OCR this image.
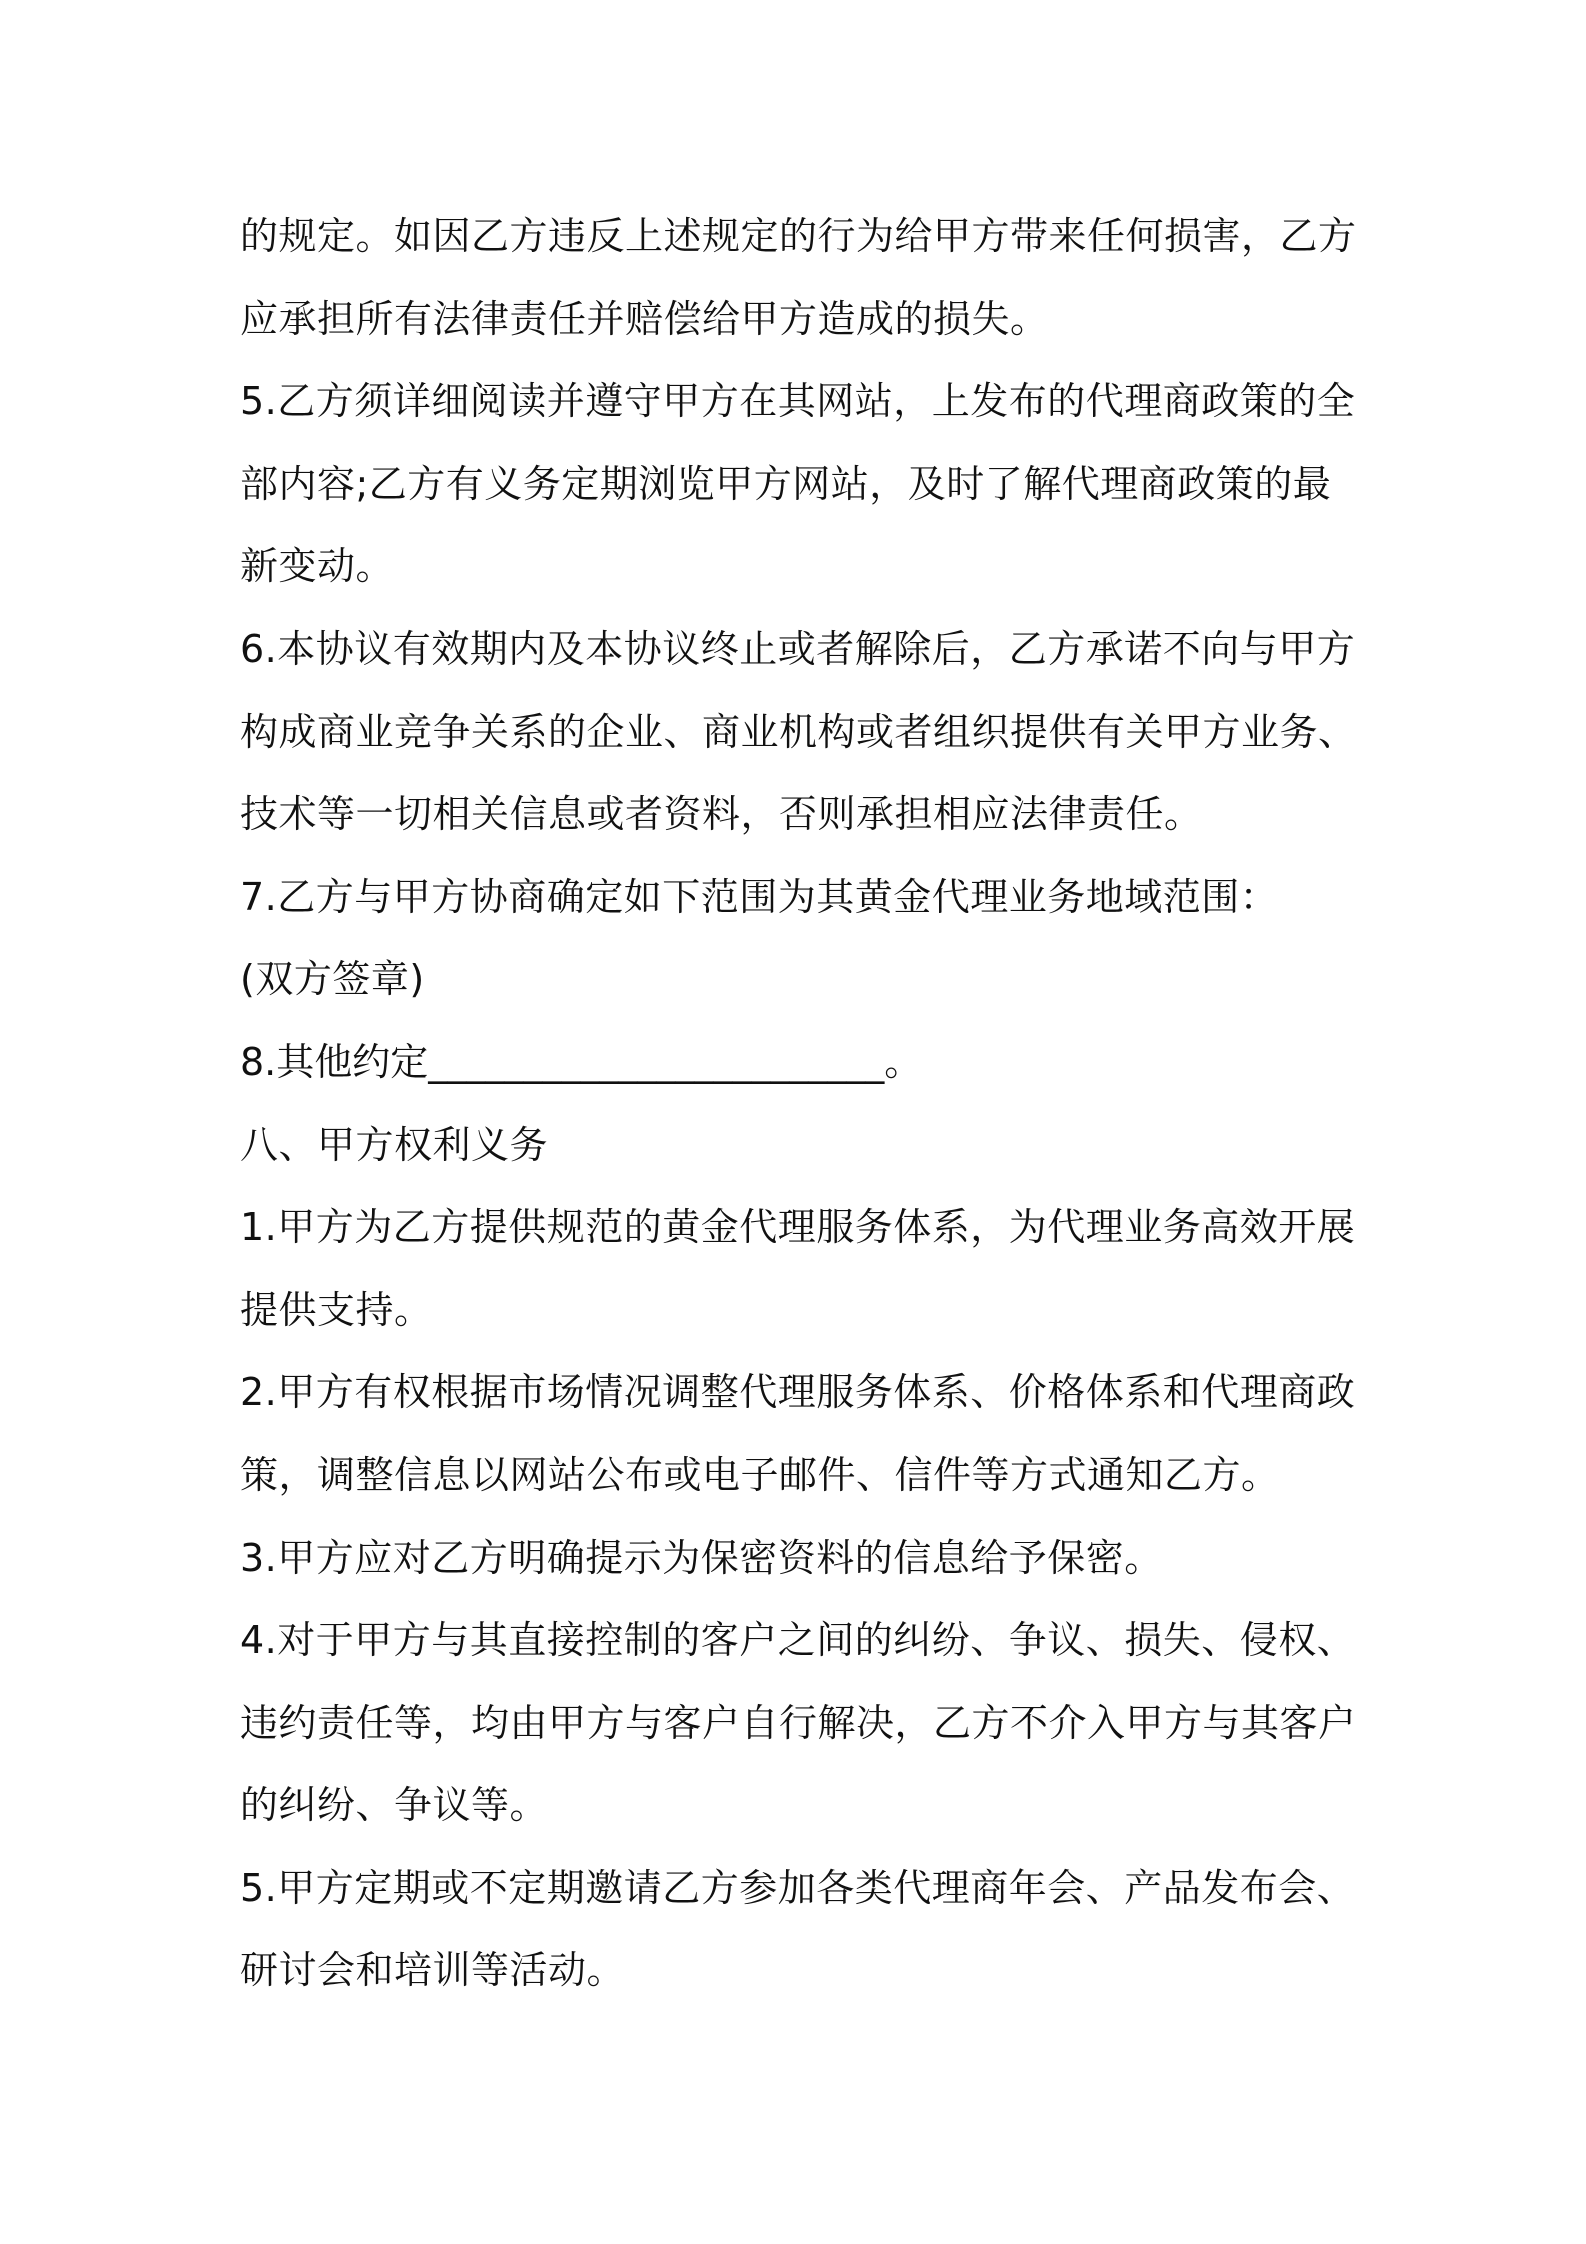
的规定。如因乙方违反上述规定的行为给甲方带来任何损害，乙方应承担所有法律责任并赔偿给甲方造成的损失。

5.乙方须详细阅读并遵守甲方在其网站，上发布的代理商政策的全部内容;乙方有义务定期浏览甲方网站，及时了解代理商政策的最新变动。

6.本协议有效期内及本协议终止或者解除后，乙方承诺不向与甲方构成商业竞争关系的企业、商业机构或者组织提供有关甲方业务、技术等一切相关信息或者资料，否则承担相应法律责任。

7.乙方与甲方协商确定如下范围为其黄金代理业务地域范围：

(双方签章)

8.其他约定________________________。

八、甲方权利义务

1.甲方为乙方提供规范的黄金代理服务体系，为代理业务高效开展提供支持。

2.甲方有权根据市场情况调整代理服务体系、价格体系和代理商政策，调整信息以网站公布或电子邮件、信件等方式通知乙方。

3.甲方应对乙方明确提示为保密资料的信息给予保密。

4.对于甲方与其直接控制的客户之间的纠纷、争议、损失、侵权、违约责任等，均由甲方与客户自行解决，乙方不介入甲方与其客户的纠纷、争议等。

5.甲方定期或不定期邀请乙方参加各类代理商年会、产品发布会、研讨会和培训等活动。
